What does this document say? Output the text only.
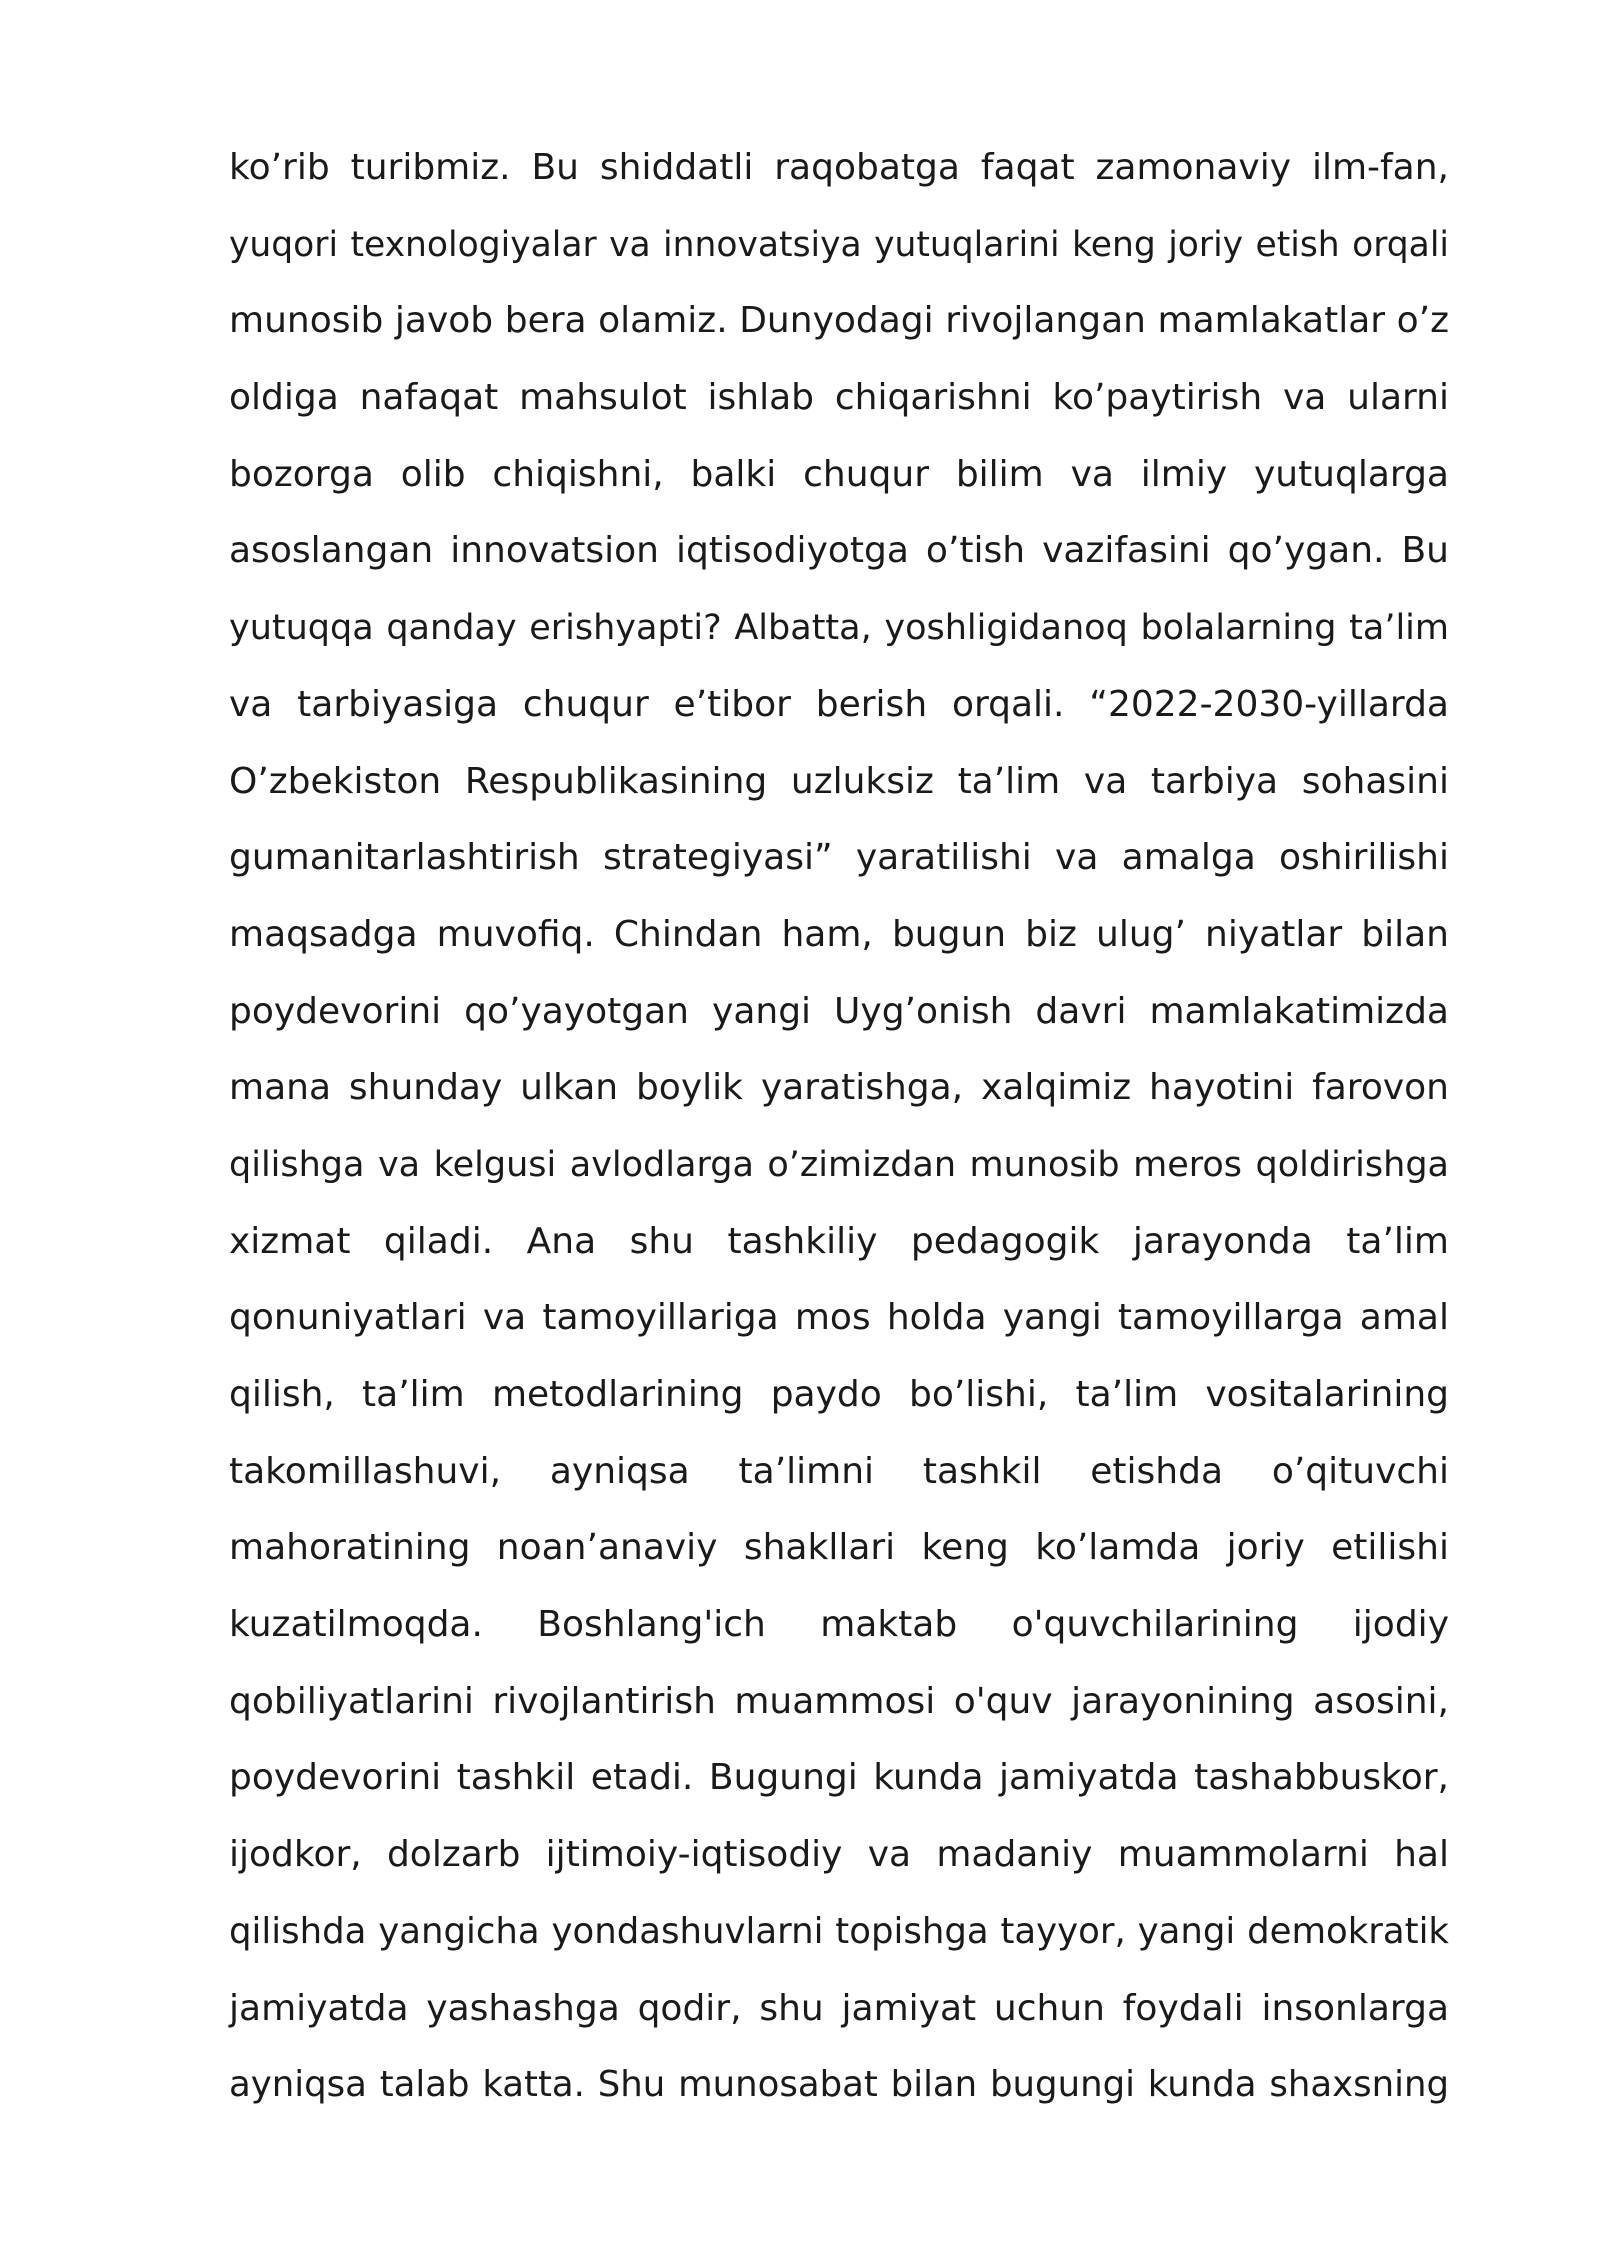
ko’rib turibmiz. Bu shiddatli raqobatga faqat zamonaviy ilm-fan,
yuqori texnologiyalar va innovatsiya yutuqlarini keng joriy etish orqali
munosib javob bera olamiz. Dunyodagi rivojlangan mamlakatlar o’z
oldiga nafaqat mahsulot ishlab chiqarishni ko’paytirish va ularni
bozorga olib chiqishni, balki chuqur bilim va ilmiy yutuqlarga
asoslangan innovatsion iqtisodiyotga o’tish vazifasini qo’ygan. Bu
yutuqqa qanday erishyapti? Albatta, yoshligidanoq bolalarning ta’lim
va tarbiyasiga chuqur e’tibor berish orqali. “2022-2030-yillarda
O’zbekiston Respublikasining uzluksiz ta’lim va tarbiya sohasini
gumanitarlashtirish strategiyasi” yaratilishi va amalga oshirilishi
maqsadga muvofiq. Chindan ham, bugun biz ulug’ niyatlar bilan
poydevorini qo’yayotgan yangi Uyg’onish davri mamlakatimizda
mana shunday ulkan boylik yaratishga, xalqimiz hayotini farovon
qilishga va kelgusi avlodlarga o’zimizdan munosib meros qoldirishga
xizmat qiladi. Ana shu tashkiliy pedagogik jarayonda ta’lim
qonuniyatlari va tamoyillariga mos holda yangi tamoyillarga amal
qilish, ta’lim metodlarining paydo bo’lishi, ta’lim vositalarining
takomillashuvi, ayniqsa ta’limni tashkil etishda o’qituvchi
mahoratining noan’anaviy shakllari keng ko’lamda joriy etilishi
kuzatilmoqda. Boshlang'ich maktab o'quvchilarining ijodiy
qobiliyatlarini rivojlantirish muammosi o'quv jarayonining asosini,
poydevorini tashkil etadi. Bugungi kunda jamiyatda tashabbuskor,
ijodkor, dolzarb ijtimoiy-iqtisodiy va madaniy muammolarni hal
qilishda yangicha yondashuvlarni topishga tayyor, yangi demokratik
jamiyatda yashashga qodir, shu jamiyat uchun foydali insonlarga
ayniqsa talab katta. Shu munosabat bilan bugungi kunda shaxsning
